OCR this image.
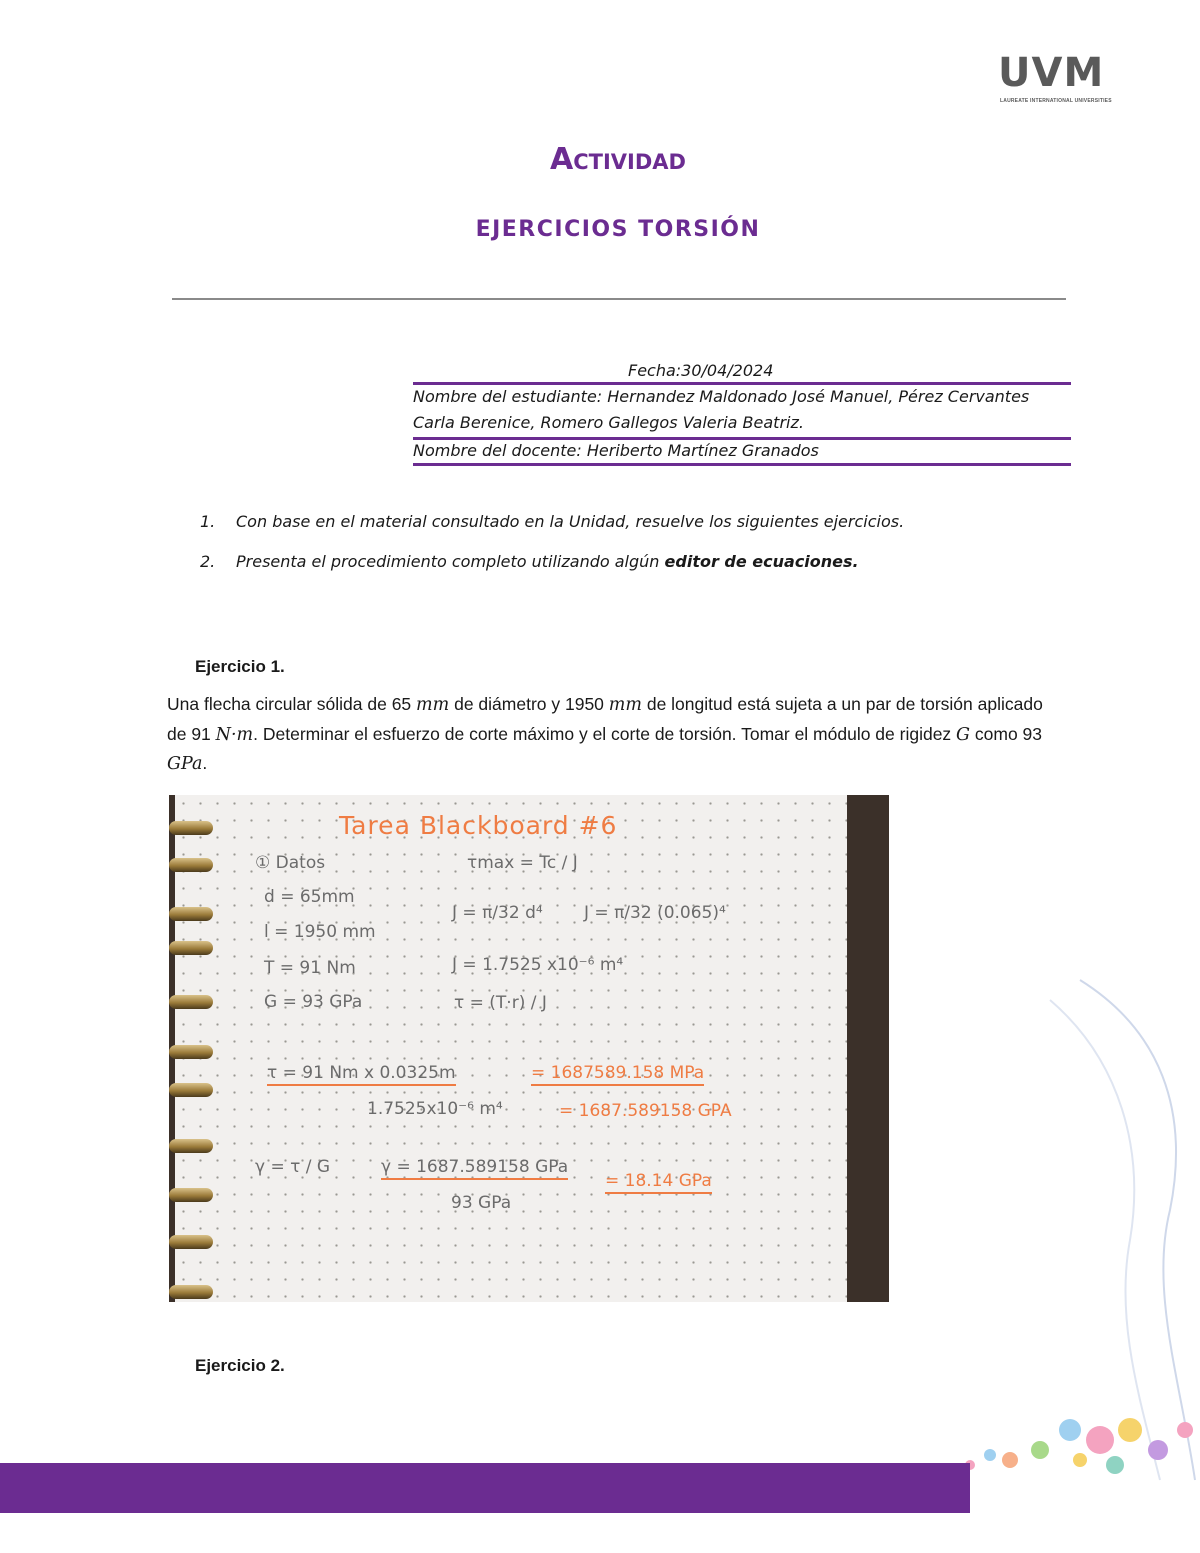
UVM
LAUREATE INTERNATIONAL UNIVERSITIES
Actividad
EJERCICIOS TORSIÓN
Fecha:30/04/2024
Nombre del estudiante: Hernandez Maldonado José Manuel, Pérez Cervantes Carla Berenice, Romero Gallegos Valeria Beatriz.
Nombre del docente: Heriberto Martínez Granados
1. Con base en el material consultado en la Unidad, resuelve los siguientes ejercicios.
2. Presenta el procedimiento completo utilizando algún editor de ecuaciones.
Ejercicio 1.
Una flecha circular sólida de 65 mm de diámetro y 1950 mm de longitud está sujeta a un par de torsión aplicado de 91 N·m. Determinar el esfuerzo de corte máximo y el corte de torsión. Tomar el módulo de rigidez G como 93 GPa.
Tarea Blackboard #6
① Datos	τmax = Tc / J
d = 65mm
l = 1950 mm
T = 91 Nm
G = 93 GPa
J = π/32 d⁴ J = π/32 (0.065)⁴
J = 1.7525 x10⁻⁶ m⁴
τ = (T·r) / J
τ = 91 Nm x 0.0325m
1.7525x10⁻⁶ m⁴
= 1687589.158 MPa
= 1687.589158 GPA
γ = τ / G	γ = 1687.589158 GPa
93 GPa
= 18.14 GPa
Ejercicio 2.
